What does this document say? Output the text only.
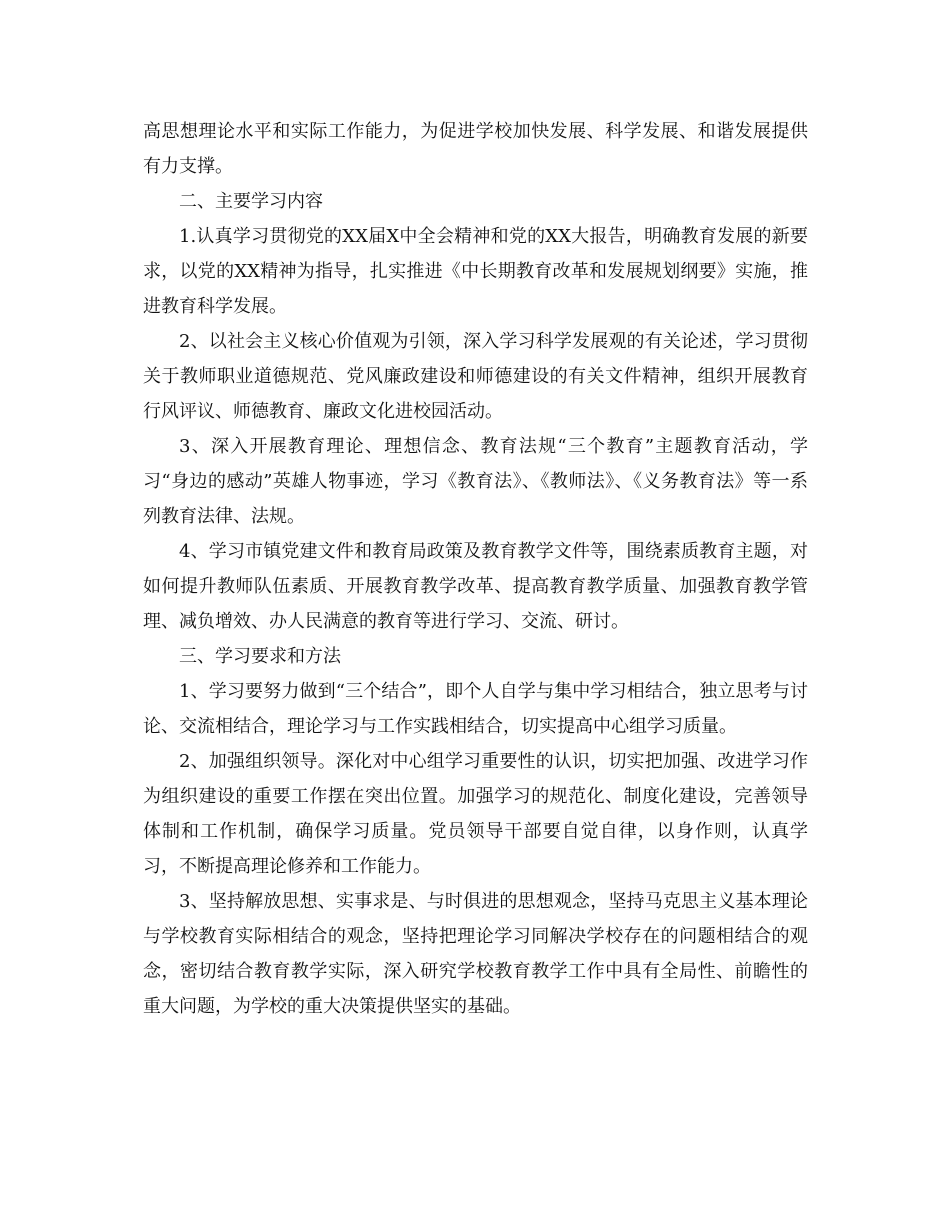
高思想理论水平和实际工作能力，为促进学校加快发展、科学发展、和谐发展提供有力支撑。

二、主要学习内容

1.认真学习贯彻党的XX届X中全会精神和党的XX大报告，明确教育发展的新要求，以党的XX精神为指导，扎实推进《中长期教育改革和发展规划纲要》实施，推进教育科学发展。

2、以社会主义核心价值观为引领，深入学习科学发展观的有关论述，学习贯彻关于教师职业道德规范、党风廉政建设和师德建设的有关文件精神，组织开展教育行风评议、师德教育、廉政文化进校园活动。

3、深入开展教育理论、理想信念、教育法规“三个教育”主题教育活动，学习“身边的感动”英雄人物事迹，学习《教育法》、《教师法》、《义务教育法》等一系列教育法律、法规。

4、学习市镇党建文件和教育局政策及教育教学文件等，围绕素质教育主题，对如何提升教师队伍素质、开展教育教学改革、提高教育教学质量、加强教育教学管理、减负增效、办人民满意的教育等进行学习、交流、研讨。

三、学习要求和方法

1、学习要努力做到“三个结合”，即个人自学与集中学习相结合，独立思考与讨论、交流相结合，理论学习与工作实践相结合，切实提高中心组学习质量。

2、加强组织领导。深化对中心组学习重要性的认识，切实把加强、改进学习作为组织建设的重要工作摆在突出位置。加强学习的规范化、制度化建设，完善领导体制和工作机制，确保学习质量。党员领导干部要自觉自律，以身作则，认真学习，不断提高理论修养和工作能力。

3、坚持解放思想、实事求是、与时俱进的思想观念，坚持马克思主义基本理论与学校教育实际相结合的观念，坚持把理论学习同解决学校存在的问题相结合的观念，密切结合教育教学实际，深入研究学校教育教学工作中具有全局性、前瞻性的重大问题，为学校的重大决策提供坚实的基础。
